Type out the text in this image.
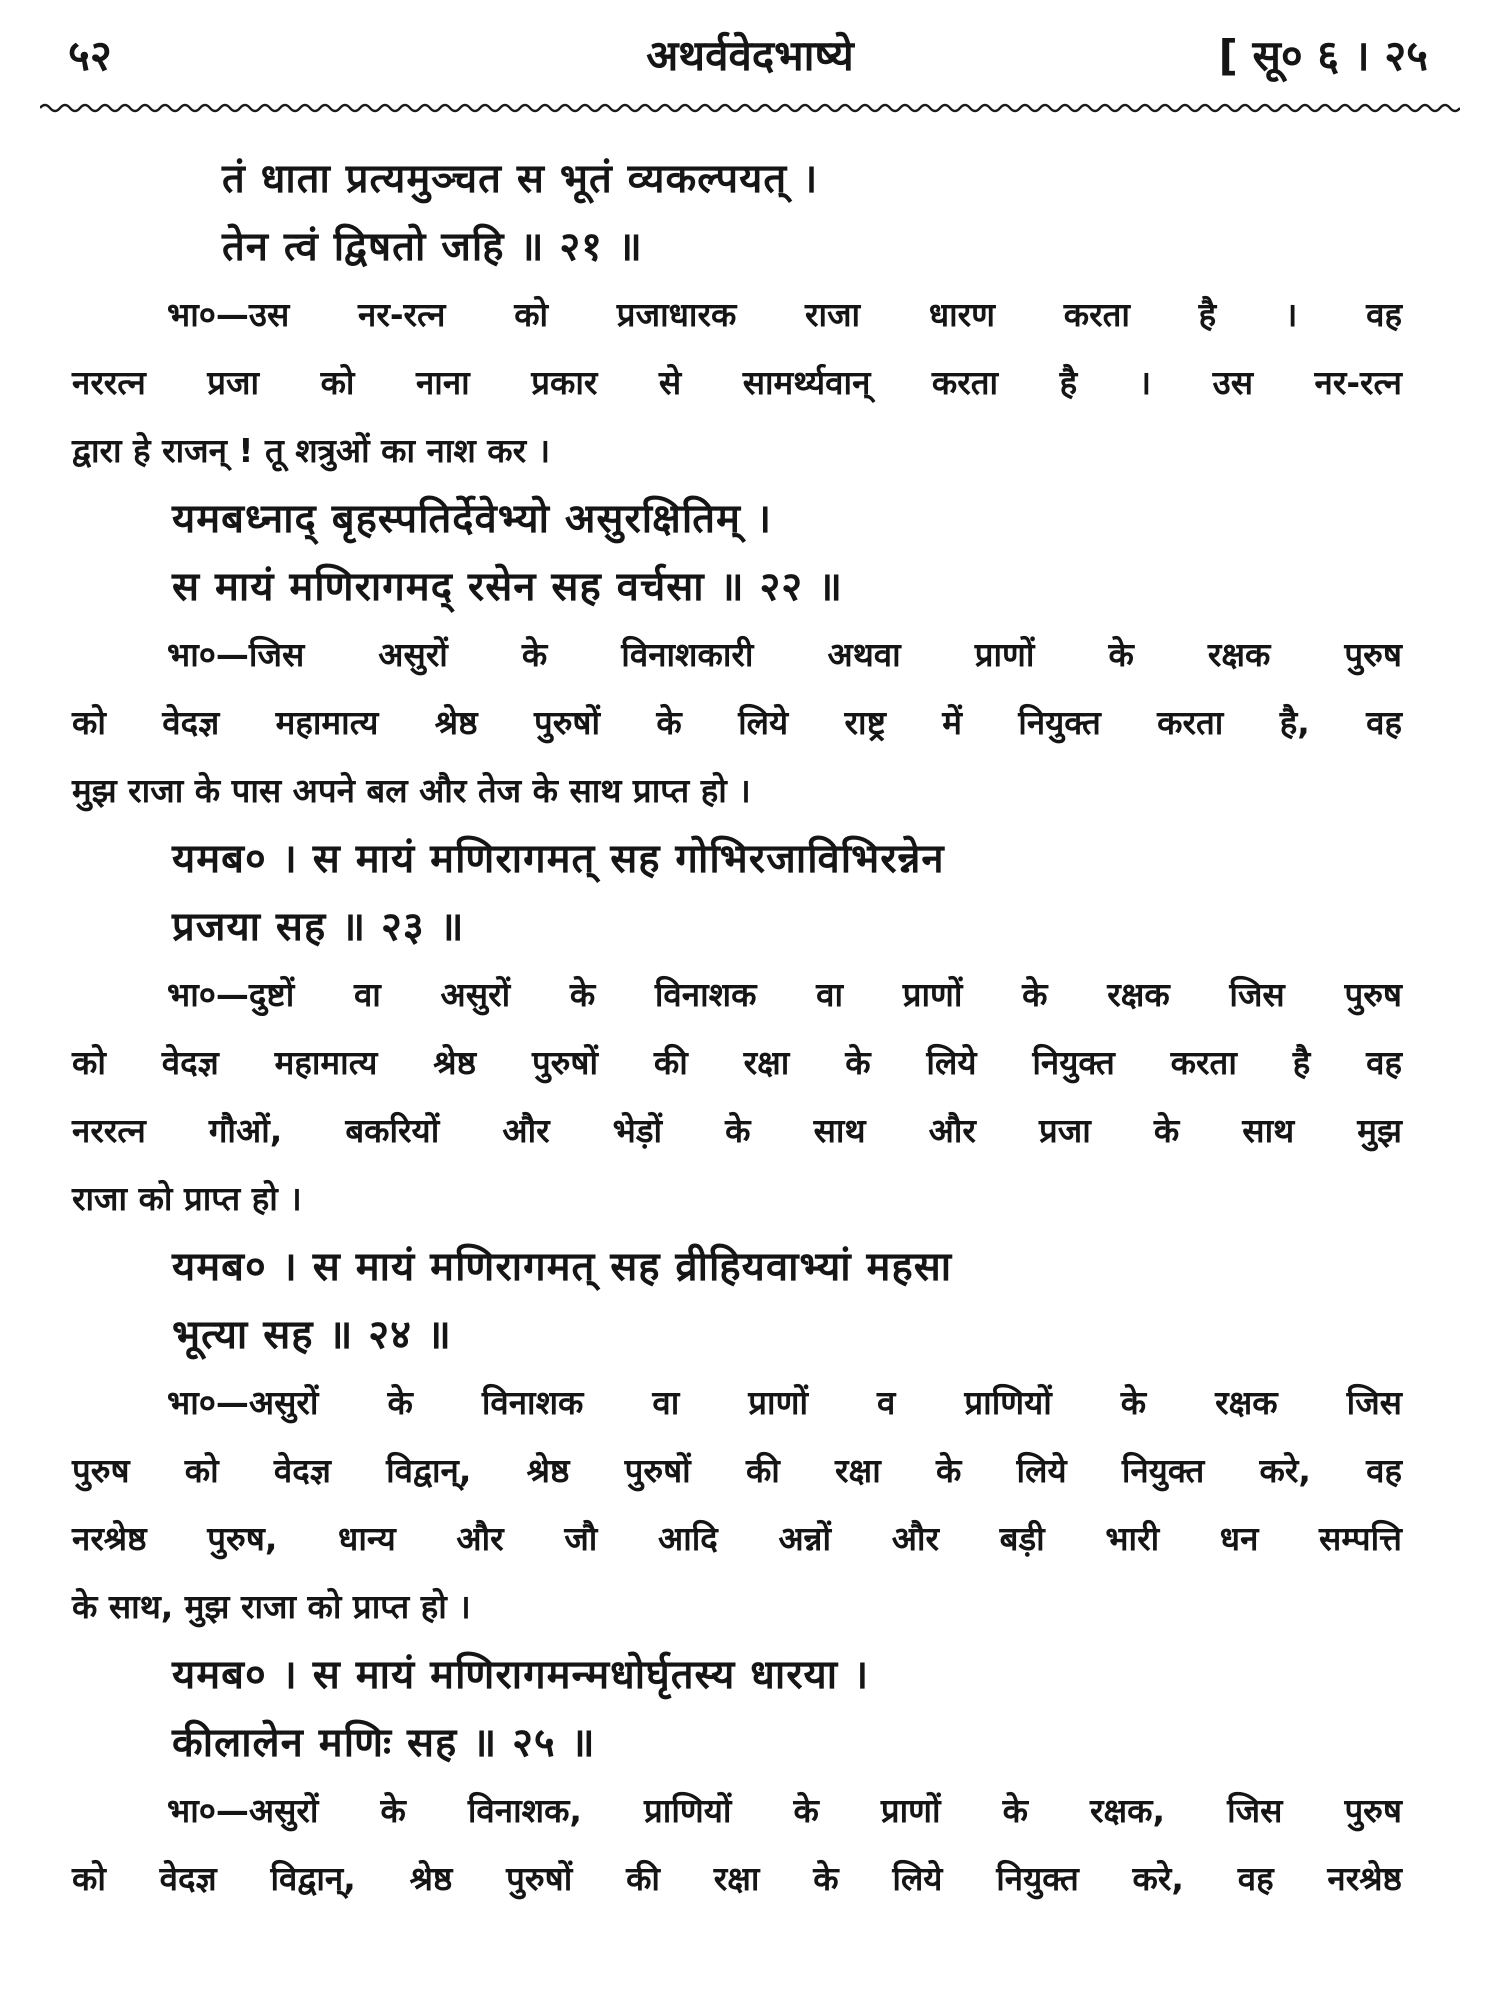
५२	अथर्ववेदभाष्ये	[ सू० ६ । २५

तं धाता प्रत्यमुञ्चत स भूतं व्यकल्पयत् ।

तेन त्वं द्विषतो जहि ॥ २१ ॥

भा०—उस नर-रत्न को प्रजाधारक राजा धारण करता है । वह

नररत्न प्रजा को नाना प्रकार से सामर्थ्यवान् करता है । उस नर-रत्न

द्वारा हे राजन् ! तू शत्रुओं का नाश कर ।

यमबध्नाद् बृहस्पतिर्देवेभ्यो असुरक्षितिम् ।

स मायं मणिरागमद् रसेन सह वर्चसा ॥ २२ ॥

भा०—जिस असुरों के विनाशकारी अथवा प्राणों के रक्षक पुरुष

को वेदज्ञ महामात्य श्रेष्ठ पुरुषों के लिये राष्ट्र में नियुक्त करता है, वह

मुझ राजा के पास अपने बल और तेज के साथ प्राप्त हो ।

यमब० । स मायं मणिरागमत् सह गोभिरजाविभिरन्नेन

प्रजया सह ॥ २३ ॥

भा०—दुष्टों वा असुरों के विनाशक वा प्राणों के रक्षक जिस पुरुष

को वेदज्ञ महामात्य श्रेष्ठ पुरुषों की रक्षा के लिये नियुक्त करता है वह

नररत्न गौओं, बकरियों और भेड़ों के साथ और प्रजा के साथ मुझ

राजा को प्राप्त हो ।

यमब० । स मायं मणिरागमत् सह व्रीहियवाभ्यां महसा

भूत्या सह ॥ २४ ॥

भा०—असुरों के विनाशक वा प्राणों व प्राणियों के रक्षक जिस

पुरुष को वेदज्ञ विद्वान्, श्रेष्ठ पुरुषों की रक्षा के लिये नियुक्त करे, वह

नरश्रेष्ठ पुरुष, धान्य और जौ आदि अन्नों और बड़ी भारी धन सम्पत्ति

के साथ, मुझ राजा को प्राप्त हो ।

यमब० । स मायं मणिरागमन्मधोर्घृतस्य धारया ।

कीलालेन मणिः सह ॥ २५ ॥

भा०—असुरों के विनाशक, प्राणियों के प्राणों के रक्षक, जिस पुरुष

को वेदज्ञ विद्वान्, श्रेष्ठ पुरुषों की रक्षा के लिये नियुक्त करे, वह नरश्रेष्ठ
